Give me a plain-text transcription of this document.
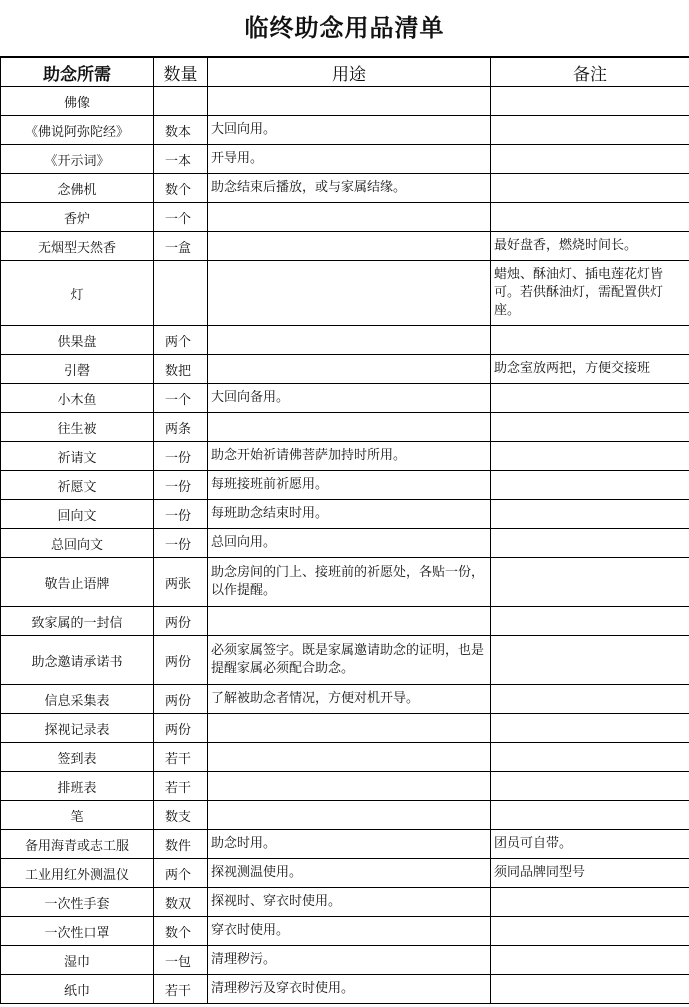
临终助念用品清单
助念所需	数量	用途	备注
佛像			
《佛说阿弥陀经》	数本	大回向用。	
《开示词》	一本	开导用。	
念佛机	数个	助念结束后播放，或与家属结缘。	
香炉	一个		
无烟型天然香	一盒		最好盘香，燃烧时间长。
灯			蜡烛、酥油灯、插电莲花灯皆可。若供酥油灯，需配置供灯座。
供果盘	两个		
引磬	数把		助念室放两把，方便交接班
小木鱼	一个	大回向备用。	
往生被	两条		
祈请文	一份	助念开始祈请佛菩萨加持时所用。	
祈愿文	一份	每班接班前祈愿用。	
回向文	一份	每班助念结束时用。	
总回向文	一份	总回向用。	
敬告止语牌	两张	助念房间的门上、接班前的祈愿处，各贴一份，以作提醒。	
致家属的一封信	两份		
助念邀请承诺书	两份	必须家属签字。既是家属邀请助念的证明，也是提醒家属必须配合助念。	
信息采集表	两份	了解被助念者情况，方便对机开导。	
探视记录表	两份		
签到表	若干		
排班表	若干		
笔	数支		
备用海青或志工服	数件	助念时用。	团员可自带。
工业用红外测温仪	两个	探视测温使用。	须同品牌同型号
一次性手套	数双	探视时、穿衣时使用。	
一次性口罩	数个	穿衣时使用。	
湿巾	一包	清理秽污。	
纸巾	若干	清理秽污及穿衣时使用。	
